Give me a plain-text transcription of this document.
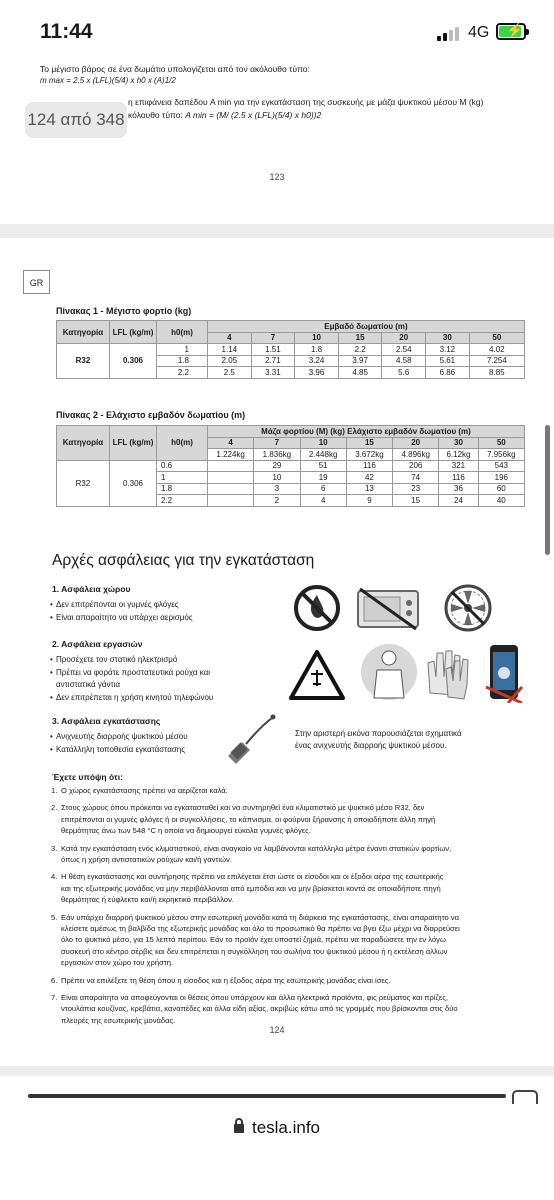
11:44	4G ⚡
Το μέγιστο βάρος σε ένα δωμάτιο υπολογίζεται από τον ακόλουθο τύπο:
m max = 2.5 x (LFL)(5/4) x h0 x (A)1/2
η επιφάνεια δαπέδου A min για την εγκατάσταση της συσκευής με μάζα ψυκτικού μέσου M (kg)
κόλουθο τύπο: A min = (M/ (2.5 x (LFL)(5/4) x h0))2
124 από 348
123
GR
Πίνακας 1 - Μέγιστο φορτίο (kg)
Κατηγορία	LFL (kg/m)	h0(m)	Εμβαδό δωματίου (m)						
			4	7	10	15	20	30	50
R32	0.306	1	1.14	1.51	1.8	2.2	2.54	3.12	4.02
		1.8	2.05	2.71	3.24	3.97	4.58	5.61	7.254
		2.2	2.5	3.31	3.96	4.85	5.6	6.86	8.85
Πίνακας 2 - Ελάχιστο εμβαδόν δωματίου (m)
Κατηγορία	LFL (kg/m)	h0(m)	Μάζα φορτίου (M) (kg) Ελάχιστο εμβαδόν δωματίου (m)						
			4	7	10	15	20	30	50
			1.224kg	1.836kg	2.448kg	3.672kg	4.896kg	6.12kg	7.956kg
R32	0.306	0.6		29	51	116	206	321	543
		1		10	19	42	74	116	196
		1.8		3	6	13	23	36	60
		2.2		2	4	9	15	24	40
Αρχές ασφάλειας για την εγκατάσταση
1. Ασφάλεια χώρου
• Δεν επιτρέπονται οι γυμνές φλόγες
• Είναι απαραίτητο να υπάρχει αερισμός
2. Ασφάλεια εργασιών
• Προσέχετε τον στατικό ηλεκτρισμό
• Πρέπει να φοράτε προστατευτικά ρούχα και
αντιστατικά γάντια
• Δεν επιτρέπεται η χρήση κινητού τηλεφώνου
3. Ασφάλεια εγκατάστασης
• Ανιχνευτής διαρροής ψυκτικού μέσου
• Κατάλληλη τοποθεσία εγκατάστασης
Στην αριστερή εικόνα παρουσιάζεται σχηματικά
ένας ανιχνευτής διαρροής ψυκτικού μέσου.
Έχετε υπόψη ότι:
1. Ο χώρος εγκατάστασης πρέπει να αερίζεται καλά.
2. Στους χώρους όπου πρόκειται να εγκατασταθεί και να συντηρηθεί ένα κλιματιστικό με ψυκτικό μέσο R32, δεν
επιτρέπονται οι γυμνές φλόγες ή οι συγκολλήσεις, το κάπνισμα, οι φούρνοι ξήρανσης ή οποιαδήποτε άλλη πηγή
θερμότητας άνω των 548 °C η οποία να δημιουργεί εύκολα γυμνές φλόγες.
3. Κατά την εγκατάσταση ενός κλιματιστικού, είναι αναγκαίο να λαμβάνονται κατάλληλα μέτρα έναντι στατικών φορτίων,
όπως η χρήση αντιστατικών ρούχων και/ή γαντιών.
4. Η θέση εγκατάστασης και συντήρησης πρέπει να επιλέγεται έτσι ώστε οι είσοδοι και οι έξοδοι αέρα της εσωτερικής
και της εξωτερικής μονάδας να μην περιβάλλονται από εμπόδια και να μην βρίσκεται κοντά σε οποιαδήποτε πηγή
θερμότητας ή εύφλεκτο και/ή εκρηκτικό περιβάλλον.
5. Εάν υπάρχει διαρροή ψυκτικού μέσου στην εσωτερική μονάδα κατά τη διάρκεια της εγκατάστασης, είναι απαραίτητο να
κλείσετε αμέσως τη βαλβίδα της εξωτερικής μονάδας και όλο το προσωπικό θα πρέπει να βγει έξω μέχρι να διαρρεύσει
όλο το ψυκτικό μέσο, για 15 λεπτά περίπου. Εάν το προϊόν έχει υποστεί ζημιά, πρέπει να παραδώσετε την εν λόγω
συσκευή στο κέντρο σέρβις και δεν επιτρέπεται η συγκόλληση του σωλήνα του ψυκτικού μέσου ή η εκτέλεση άλλων
εργασιών στον χώρο του χρήστη.
6. Πρέπει να επιλέξετε τη θέση όπου η είσοδος και η έξοδος αέρα της εσωτερικής μονάδας είναι ίσες.
7. Είναι απαραίτητο να αποφεύγονται οι θέσεις όπου υπάρχουν και άλλα ηλεκτρικά προϊόντα, φις ρεύματος και πρίζες,
ντουλάπια κουζίνας, κρεβάτια, καναπέδες και άλλα είδη αξίας, ακριβώς κάτω από τις γραμμές που βρίσκονται στις δύο
πλευρές της εσωτερικής μονάδας.
124
tesla.info
